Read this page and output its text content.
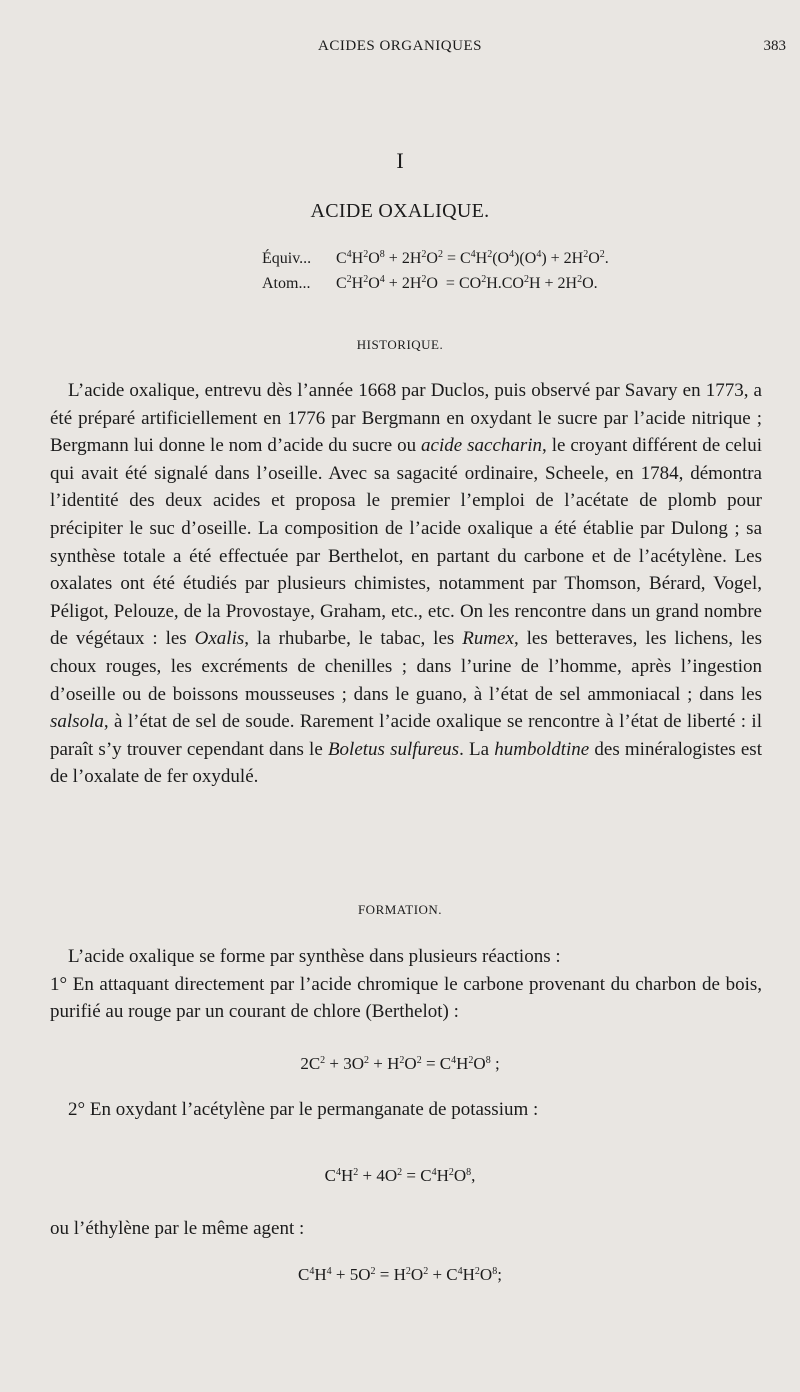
ACIDES ORGANIQUES	383
I
ACIDE OXALIQUE.
Équiv... $C^4H^2O^8 + 2H^2O^2 = C^4H^2(O^4)(O^4) + 2H^2O^2$.
Atom... $C^2H^2O^4 + 2H^2O = CO^2H.CO^2H + 2H^2O$.
HISTORIQUE.
L’acide oxalique, entrevu dès l’année 1668 par Duclos, puis observé par Savary en 1773, a été préparé artificiellement en 1776 par Bergmann en oxydant le sucre par l’acide nitrique ; Bergmann lui donne le nom d’acide du sucre ou acide saccharin, le croyant différent de celui qui avait été signalé dans l’oseille. Avec sa sagacité ordinaire, Scheele, en 1784, démontra l’identité des deux acides et proposa le premier l’emploi de l’acétate de plomb pour précipiter le suc d’oseille. La composition de l’acide oxalique a été établie par Dulong ; sa synthèse totale a été effectuée par Berthelot, en partant du carbone et de l’acétylène. Les oxalates ont été étudiés par plusieurs chimistes, notamment par Thomson, Bérard, Vogel, Péligot, Pelouze, de la Provostaye, Graham, etc., etc. On les rencontre dans un grand nombre de végétaux : les Oxalis, la rhubarbe, le tabac, les Rumex, les betteraves, les lichens, les choux rouges, les excréments de chenilles ; dans l’urine de l’homme, après l’ingestion d’oseille ou de boissons mousseuses ; dans le guano, à l’état de sel ammoniacal ; dans les salsola, à l’état de sel de soude. Rarement l’acide oxalique se rencontre à l’état de liberté : il paraît s’y trouver cependant dans le Boletus sulfureus. La humboldtine des minéralogistes est de l’oxalate de fer oxydulé.
FORMATION.
L’acide oxalique se forme par synthèse dans plusieurs réactions :
1° En attaquant directement par l’acide chromique le carbone provenant du charbon de bois, purifié au rouge par un courant de chlore (Berthelot) :
$2C^2 + 3O^2 + H^2O^2 = C^4H^2O^8$ ;
2° En oxydant l’acétylène par le permanganate de potassium :
$C^4H^2 + 4O^2 = C^4H^2O^8$,
ou l’éthylène par le même agent :
$C^4H^4 + 5O^2 = H^2O^2 + C^4H^2O^8$;
